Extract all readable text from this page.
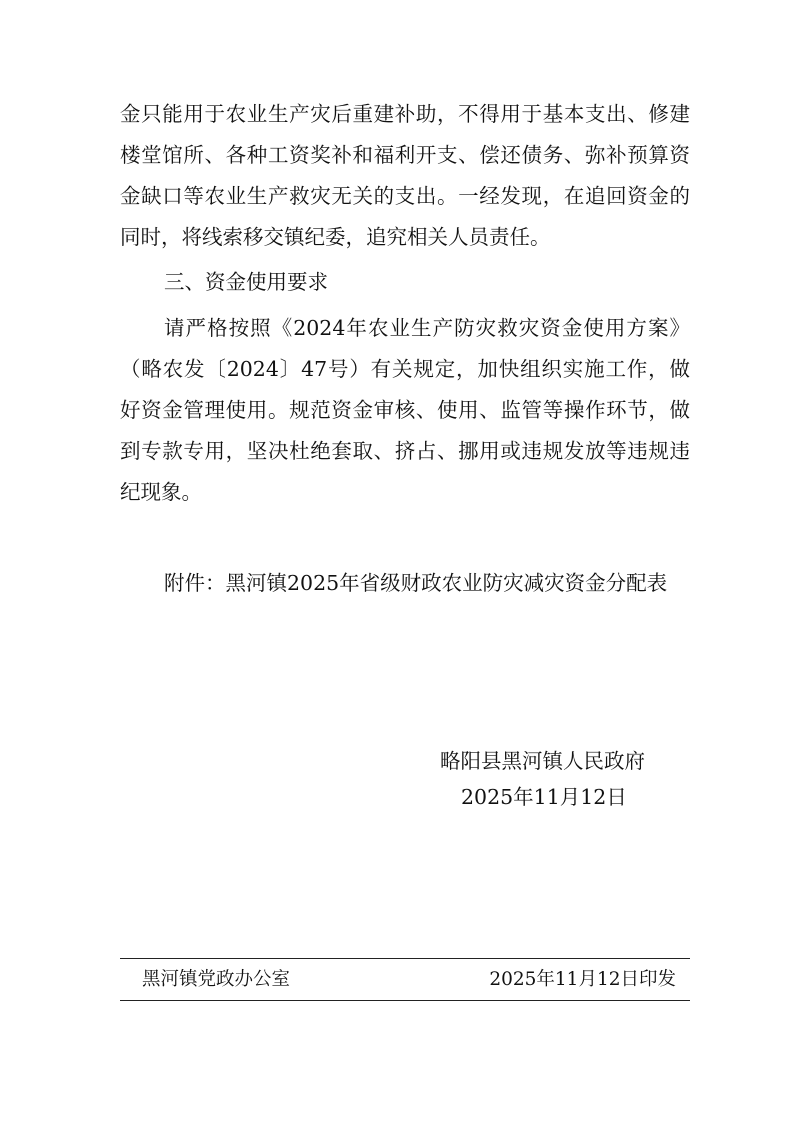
金只能用于农业生产灾后重建补助，不得用于基本支出、修建
楼堂馆所、各种工资奖补和福利开支、偿还债务、弥补预算资
金缺口等农业生产救灾无关的支出。一经发现，在追回资金的
同时，将线索移交镇纪委，追究相关人员责任。
三、资金使用要求
请严格按照《2024年农业生产防灾救灾资金使用方案》
（略农发〔2024〕47号）有关规定，加快组织实施工作，做
好资金管理使用。规范资金审核、使用、监管等操作环节，做
到专款专用，坚决杜绝套取、挤占、挪用或违规发放等违规违
纪现象。
附件：黑河镇2025年省级财政农业防灾减灾资金分配表
略阳县黑河镇人民政府
2025年11月12日
黑河镇党政办公室	2025年11月12日印发
